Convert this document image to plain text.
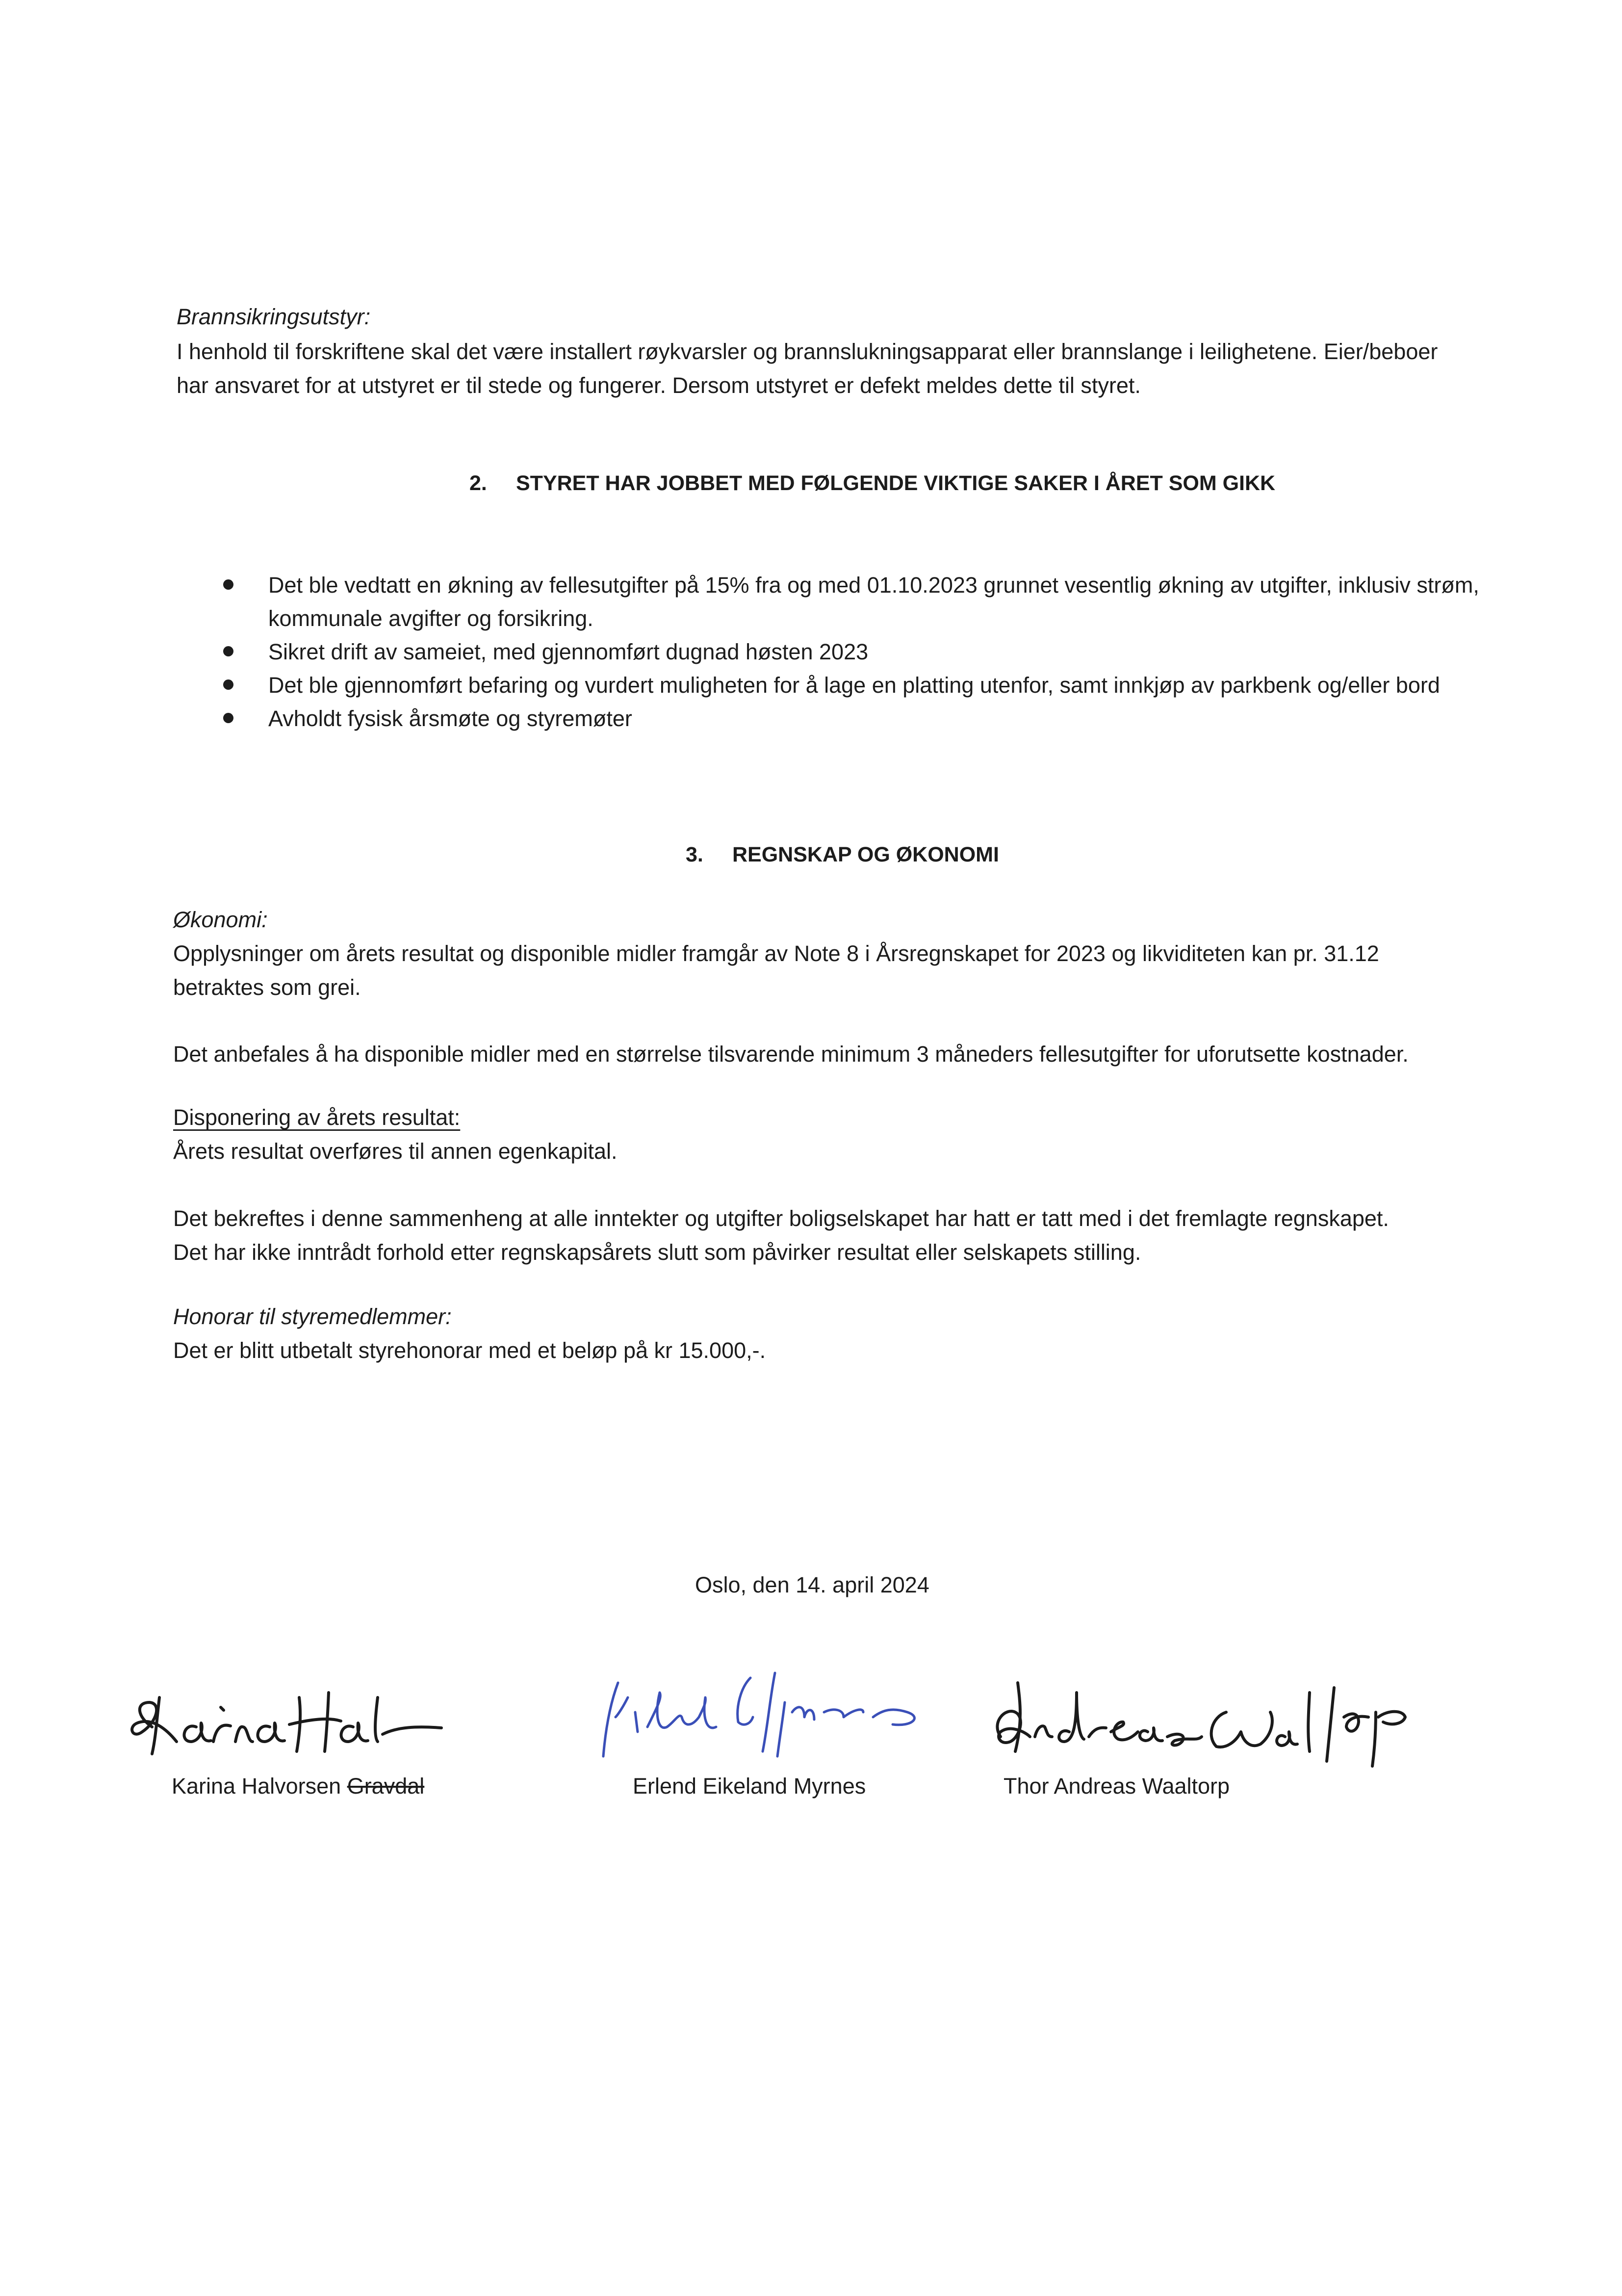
Brannsikringsutstyr:
I henhold til forskriftene skal det være installert røykvarsler og brannslukningsapparat eller brannslange i leilighetene. Eier/beboer
har ansvaret for at utstyret er til stede og fungerer. Dersom utstyret er defekt meldes dette til styret.
2. STYRET HAR JOBBET MED FØLGENDE VIKTIGE SAKER I ÅRET SOM GIKK
Det ble vedtatt en økning av fellesutgifter på 15% fra og med 01.10.2023 grunnet vesentlig økning av utgifter, inklusiv strøm, kommunale avgifter og forsikring.
Sikret drift av sameiet, med gjennomført dugnad høsten 2023
Det ble gjennomført befaring og vurdert muligheten for å lage en platting utenfor, samt innkjøp av parkbenk og/eller bord
Avholdt fysisk årsmøte og styremøter
3. REGNSKAP OG ØKONOMI
Økonomi:
Opplysninger om årets resultat og disponible midler framgår av Note 8 i Årsregnskapet for 2023 og likviditeten kan pr. 31.12
betraktes som grei.
Det anbefales å ha disponible midler med en størrelse tilsvarende minimum 3 måneders fellesutgifter for uforutsette kostnader.
Disponering av årets resultat:
Årets resultat overføres til annen egenkapital.
Det bekreftes i denne sammenheng at alle inntekter og utgifter boligselskapet har hatt er tatt med i det fremlagte regnskapet.
Det har ikke inntrådt forhold etter regnskapsårets slutt som påvirker resultat eller selskapets stilling.
Honorar til styremedlemmer:
Det er blitt utbetalt styrehonorar med et beløp på kr 15.000,-.
Oslo, den 14. april 2024
Karina Halvorsen Gravdal	Erlend Eikeland Myrnes	Thor Andreas Waaltorp
